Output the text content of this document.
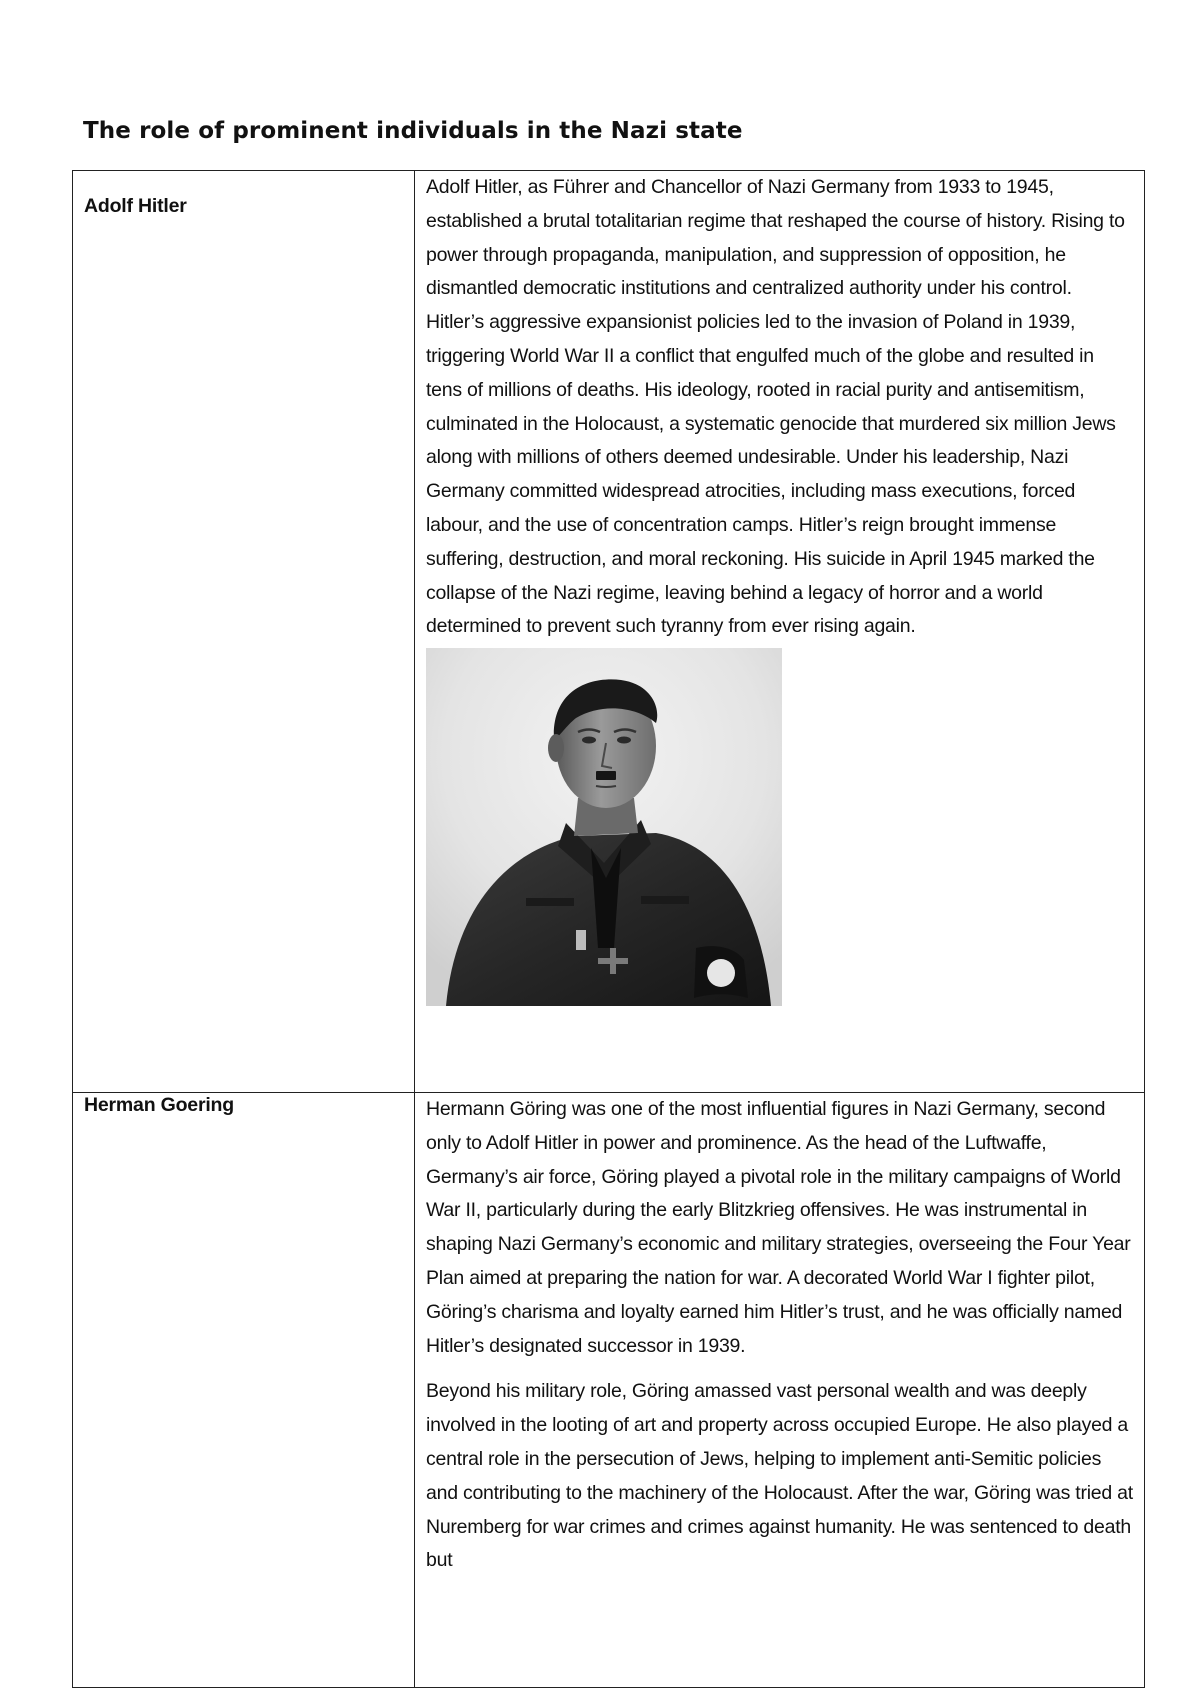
The role of prominent individuals in the Nazi state
Adolf Hitler	Adolf Hitler, as Führer and Chancellor of Nazi Germany from 1933 to 1945, established a brutal totalitarian regime that reshaped the course of history. Rising to power through propaganda, manipulation, and suppression of opposition, he dismantled democratic institutions and centralized authority under his control. Hitler’s aggressive expansionist policies led to the invasion of Poland in 1939, triggering World War II a conflict that engulfed much of the globe and resulted in tens of millions of deaths. His ideology, rooted in racial purity and antisemitism, culminated in the Holocaust, a systematic genocide that murdered six million Jews along with millions of others deemed undesirable. Under his leadership, Nazi Germany committed widespread atrocities, including mass executions, forced labour, and the use of concentration camps. Hitler’s reign brought immense suffering, destruction, and moral reckoning. His suicide in April 1945 marked the collapse of the Nazi regime, leaving behind a legacy of horror and a world determined to prevent such tyranny from ever rising again.

Herman Goering	Hermann Göring was one of the most influential figures in Nazi Germany, second only to Adolf Hitler in power and prominence. As the head of the Luftwaffe, Germany’s air force, Göring played a pivotal role in the military campaigns of World War II, particularly during the early Blitzkrieg offensives. He was instrumental in shaping Nazi Germany’s economic and military strategies, overseeing the Four Year Plan aimed at preparing the nation for war. A decorated World War I fighter pilot, Göring’s charisma and loyalty earned him Hitler’s trust, and he was officially named Hitler’s designated successor in 1939.

Beyond his military role, Göring amassed vast personal wealth and was deeply involved in the looting of art and property across occupied Europe. He also played a central role in the persecution of Jews, helping to implement anti-Semitic policies and contributing to the machinery of the Holocaust. After the war, Göring was tried at Nuremberg for war crimes and crimes against humanity. He was sentenced to death but
